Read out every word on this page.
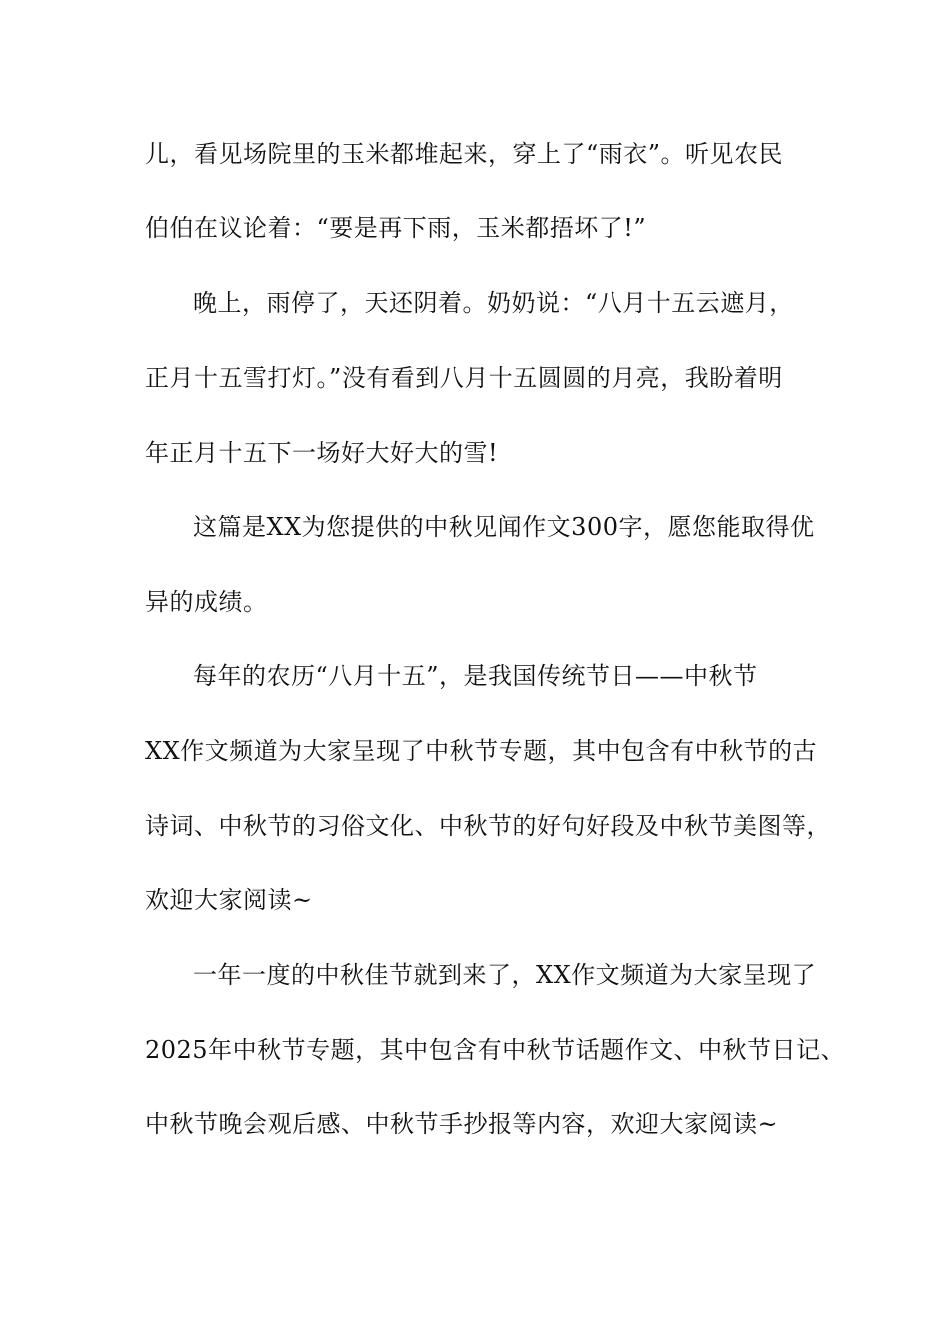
儿，看见场院里的玉米都堆起来，穿上了“雨衣”。听见农民
伯伯在议论着：“要是再下雨，玉米都捂坏了!”
晚上，雨停了，天还阴着。奶奶说：“八月十五云遮月，
正月十五雪打灯。”没有看到八月十五圆圆的月亮，我盼着明
年正月十五下一场好大好大的雪!
这篇是XX为您提供的中秋见闻作文300字，愿您能取得优
异的成绩。
每年的农历“八月十五”，是我国传统节日——中秋节
XX作文频道为大家呈现了中秋节专题，其中包含有中秋节的古
诗词、中秋节的习俗文化、中秋节的好句好段及中秋节美图等，
欢迎大家阅读~
一年一度的中秋佳节就到来了，XX作文频道为大家呈现了
2025年中秋节专题，其中包含有中秋节话题作文、中秋节日记、
中秋节晚会观后感、中秋节手抄报等内容，欢迎大家阅读~
